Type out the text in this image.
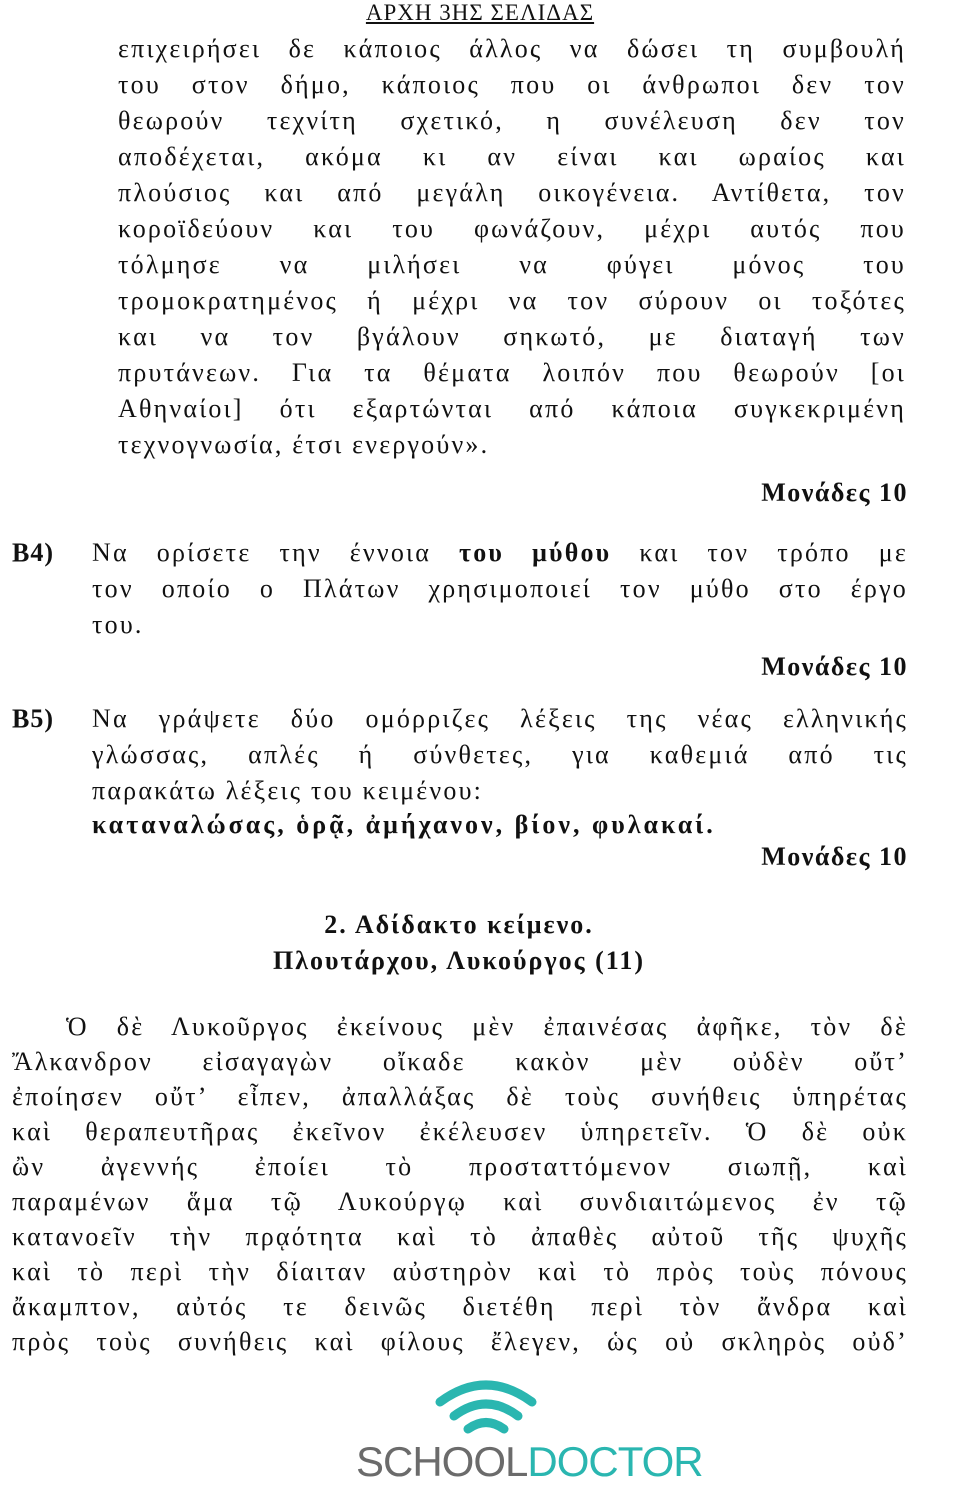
ΑΡΧΗ 3ΗΣ ΣΕΛΙΔΑΣ
επιχειρήσει δε κάποιος άλλος να δώσει τη συμβουλή
του στον δήμο, κάποιος που οι άνθρωποι δεν τον
θεωρούν τεχνίτη σχετικό, η συνέλευση δεν τον
αποδέχεται, ακόμα κι αν είναι και ωραίος και
πλούσιος και από μεγάλη οικογένεια. Αντίθετα, τον
κοροϊδεύουν και του φωνάζουν, μέχρι αυτός που
τόλμησε να μιλήσει να φύγει μόνος του
τρομοκρατημένος ή μέχρι να τον σύρουν οι τοξότες
και να τον βγάλουν σηκωτό, με διαταγή των
πρυτάνεων. Για τα θέματα λοιπόν που θεωρούν [οι
Αθηναίοι] ότι εξαρτώνται από κάποια συγκεκριμένη
τεχνογνωσία, έτσι ενεργούν».
Μονάδες 10
Β4) Να ορίσετε την έννοια του μύθου και τον τρόπο με
τον οποίο ο Πλάτων χρησιμοποιεί τον μύθο στο έργο
του.
Μονάδες 10
Β5) Να γράψετε δύο ομόρριζες λέξεις της νέας ελληνικής
γλώσσας, απλές ή σύνθετες, για καθεμιά από τις
παρακάτω λέξεις του κειμένου:
καταναλώσας, ὁρᾷ, ἀμήχανον, βίον, φυλακαί.
Μονάδες 10
2. Αδίδακτο κείμενο.
Πλουτάρχου, Λυκούργος (11)
Ὁ δὲ Λυκοῦργος ἐκείνους μὲν ἐπαινέσας ἀφῆκε, τὸν δὲ
Ἄλκανδρον εἰσαγαγὼν οἴκαδε κακὸν μὲν οὐδὲν οὔτ’
ἐποίησεν οὔτ’ εἶπεν, ἀπαλλάξας δὲ τοὺς συνήθεις ὑπηρέτας
καὶ θεραπευτῆρας ἐκεῖνον ἐκέλευσεν ὑπηρετεῖν. Ὁ δὲ οὐκ
ὢν ἀγεννής ἐποίει τὸ προσταττόμενον σιωπῇ, καὶ
παραμένων ἅμα τῷ Λυκούργῳ καὶ συνδιαιτώμενος ἐν τῷ
κατανοεῖν τὴν πρᾳότητα καὶ τὸ ἀπαθὲς αὐτοῦ τῆς ψυχῆς
καὶ τὸ περὶ τὴν δίαιταν αὐστηρὸν καὶ τὸ πρὸς τοὺς πόνους
ἄκαμπτον, αὐτός τε δεινῶς διετέθη περὶ τὸν ἄνδρα καὶ
πρὸς τοὺς συνήθεις καὶ φίλους ἔλεγεν, ὡς οὐ σκληρὸς οὐδ’
SCHOOLDOCTOR
